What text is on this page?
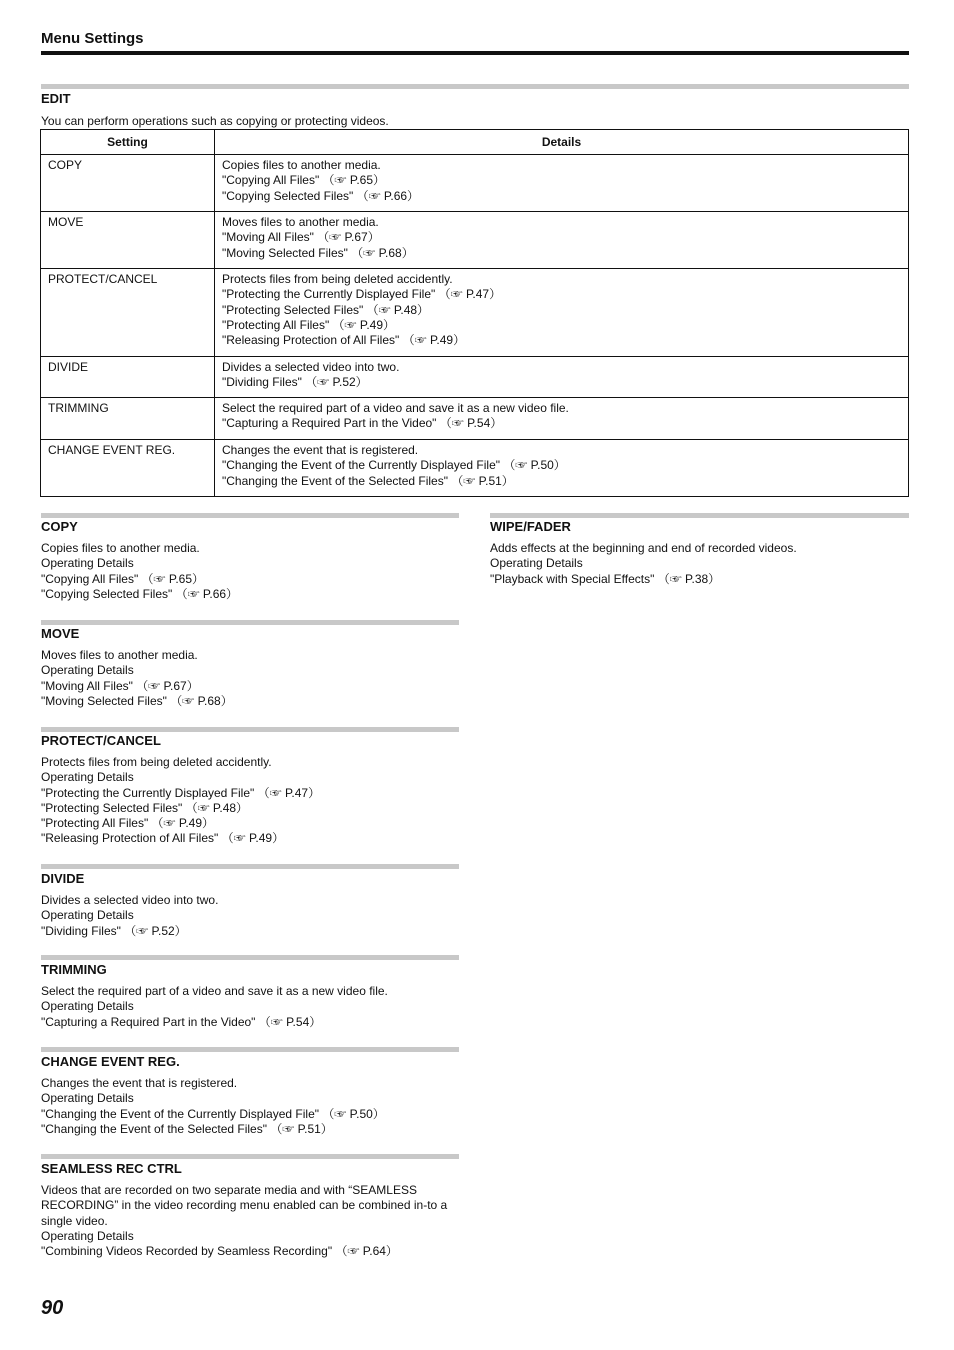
Menu Settings
EDIT
You can perform operations such as copying or protecting videos.
Setting	Details
COPY	Copies files to another media.
"Copying All Files" （☞ P.65）
"Copying Selected Files" （☞ P.66）

MOVE	Moves files to another media.
"Moving All Files" （☞ P.67）
"Moving Selected Files" （☞ P.68）

PROTECT/CANCEL	Protects files from being deleted accidently.
"Protecting the Currently Displayed File" （☞ P.47）
"Protecting Selected Files" （☞ P.48）
"Protecting All Files" （☞ P.49）
"Releasing Protection of All Files" （☞ P.49）

DIVIDE	Divides a selected video into two.
"Dividing Files" （☞ P.52）

TRIMMING	Select the required part of a video and save it as a new video file.
"Capturing a Required Part in the Video" （☞ P.54）

CHANGE EVENT REG.	Changes the event that is registered.
"Changing the Event of the Currently Displayed File" （☞ P.50）
"Changing the Event of the Selected Files" （☞ P.51）
COPY
Copies files to another media.
Operating Details
"Copying All Files" （☞ P.65）
"Copying Selected Files" （☞ P.66）
MOVE
Moves files to another media.
Operating Details
"Moving All Files" （☞ P.67）
"Moving Selected Files" （☞ P.68）
PROTECT/CANCEL
Protects files from being deleted accidently.
Operating Details
"Protecting the Currently Displayed File" （☞ P.47）
"Protecting Selected Files" （☞ P.48）
"Protecting All Files" （☞ P.49）
"Releasing Protection of All Files" （☞ P.49）
DIVIDE
Divides a selected video into two.
Operating Details
"Dividing Files" （☞ P.52）
TRIMMING
Select the required part of a video and save it as a new video file.
Operating Details
"Capturing a Required Part in the Video" （☞ P.54）
CHANGE EVENT REG.
Changes the event that is registered.
Operating Details
"Changing the Event of the Currently Displayed File" （☞ P.50）
"Changing the Event of the Selected Files" （☞ P.51）
SEAMLESS REC CTRL
Videos that are recorded on two separate media and with “SEAMLESS RECORDING” in the video recording menu enabled can be combined in-to a single video.
Operating Details
"Combining Videos Recorded by Seamless Recording" （☞ P.64）
WIPE/FADER
Adds effects at the beginning and end of recorded videos.
Operating Details
"Playback with Special Effects" （☞ P.38）
90
